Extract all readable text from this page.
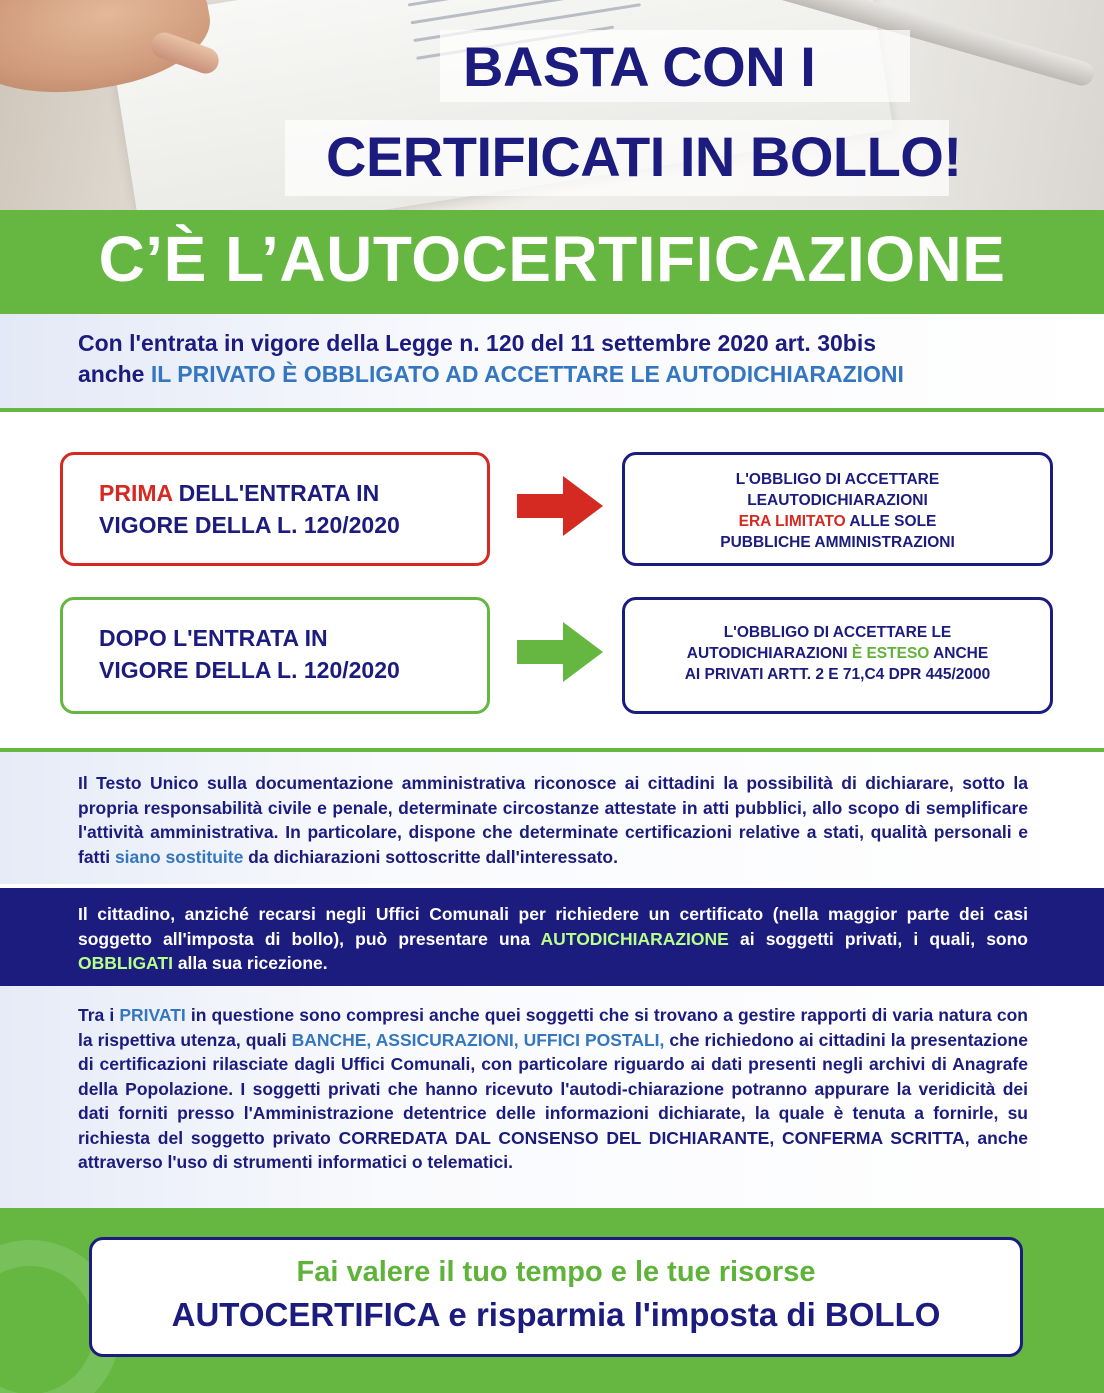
BASTA CON I
CERTIFICATI IN BOLLO!
C’È L’AUTOCERTIFICAZIONE
Con l'entrata in vigore della Legge n. 120 del 11 settembre 2020 art. 30bis
anche IL PRIVATO È OBBLIGATO AD ACCETTARE LE AUTODICHIARAZIONI
PRIMA DELL'ENTRATA IN
VIGORE DELLA L. 120/2020
L'OBBLIGO DI ACCETTARE
LEAUTODICHIARAZIONI
ERA LIMITATO ALLE SOLE
PUBBLICHE AMMINISTRAZIONI
DOPO L'ENTRATA IN
VIGORE DELLA L. 120/2020
L'OBBLIGO DI ACCETTARE LE
AUTODICHIARAZIONI È ESTESO ANCHE
AI PRIVATI ARTT. 2 E 71,C4 DPR 445/2000
Il Testo Unico sulla documentazione amministrativa riconosce ai cittadini la possibilità di dichiarare, sotto la propria responsabilità civile e penale, determinate circostanze attestate in atti pubblici, allo scopo di semplificare l'attività amministrativa. In particolare, dispone che determinate certificazioni relative a stati, qualità personali e fatti siano sostituite da dichiarazioni sottoscritte dall'interessato.
Il cittadino, anziché recarsi negli Uffici Comunali per richiedere un certificato (nella maggior parte dei casi soggetto all'imposta di bollo), può presentare una AUTODICHIARAZIONE ai soggetti privati, i quali, sono OBBLIGATI alla sua ricezione.
Tra i PRIVATI in questione sono compresi anche quei soggetti che si trovano a gestire rapporti di varia natura con la rispettiva utenza, quali BANCHE, ASSICURAZIONI, UFFICI POSTALI, che richiedono ai cittadini la presentazione di certificazioni rilasciate dagli Uffici Comunali, con particolare riguardo ai dati presenti negli archivi di Anagrafe della Popolazione. I soggetti privati che hanno ricevuto l'autodi-chiarazione potranno appurare la veridicità dei dati forniti presso l'Amministrazione detentrice delle informazioni dichiarate, la quale è tenuta a fornirle, su richiesta del soggetto privato CORREDATA DAL CONSENSO DEL DICHIARANTE, CONFERMA SCRITTA, anche attraverso l'uso di strumenti informatici o telematici.
Fai valere il tuo tempo e le tue risorse
AUTOCERTIFICA e risparmia l'imposta di BOLLO
